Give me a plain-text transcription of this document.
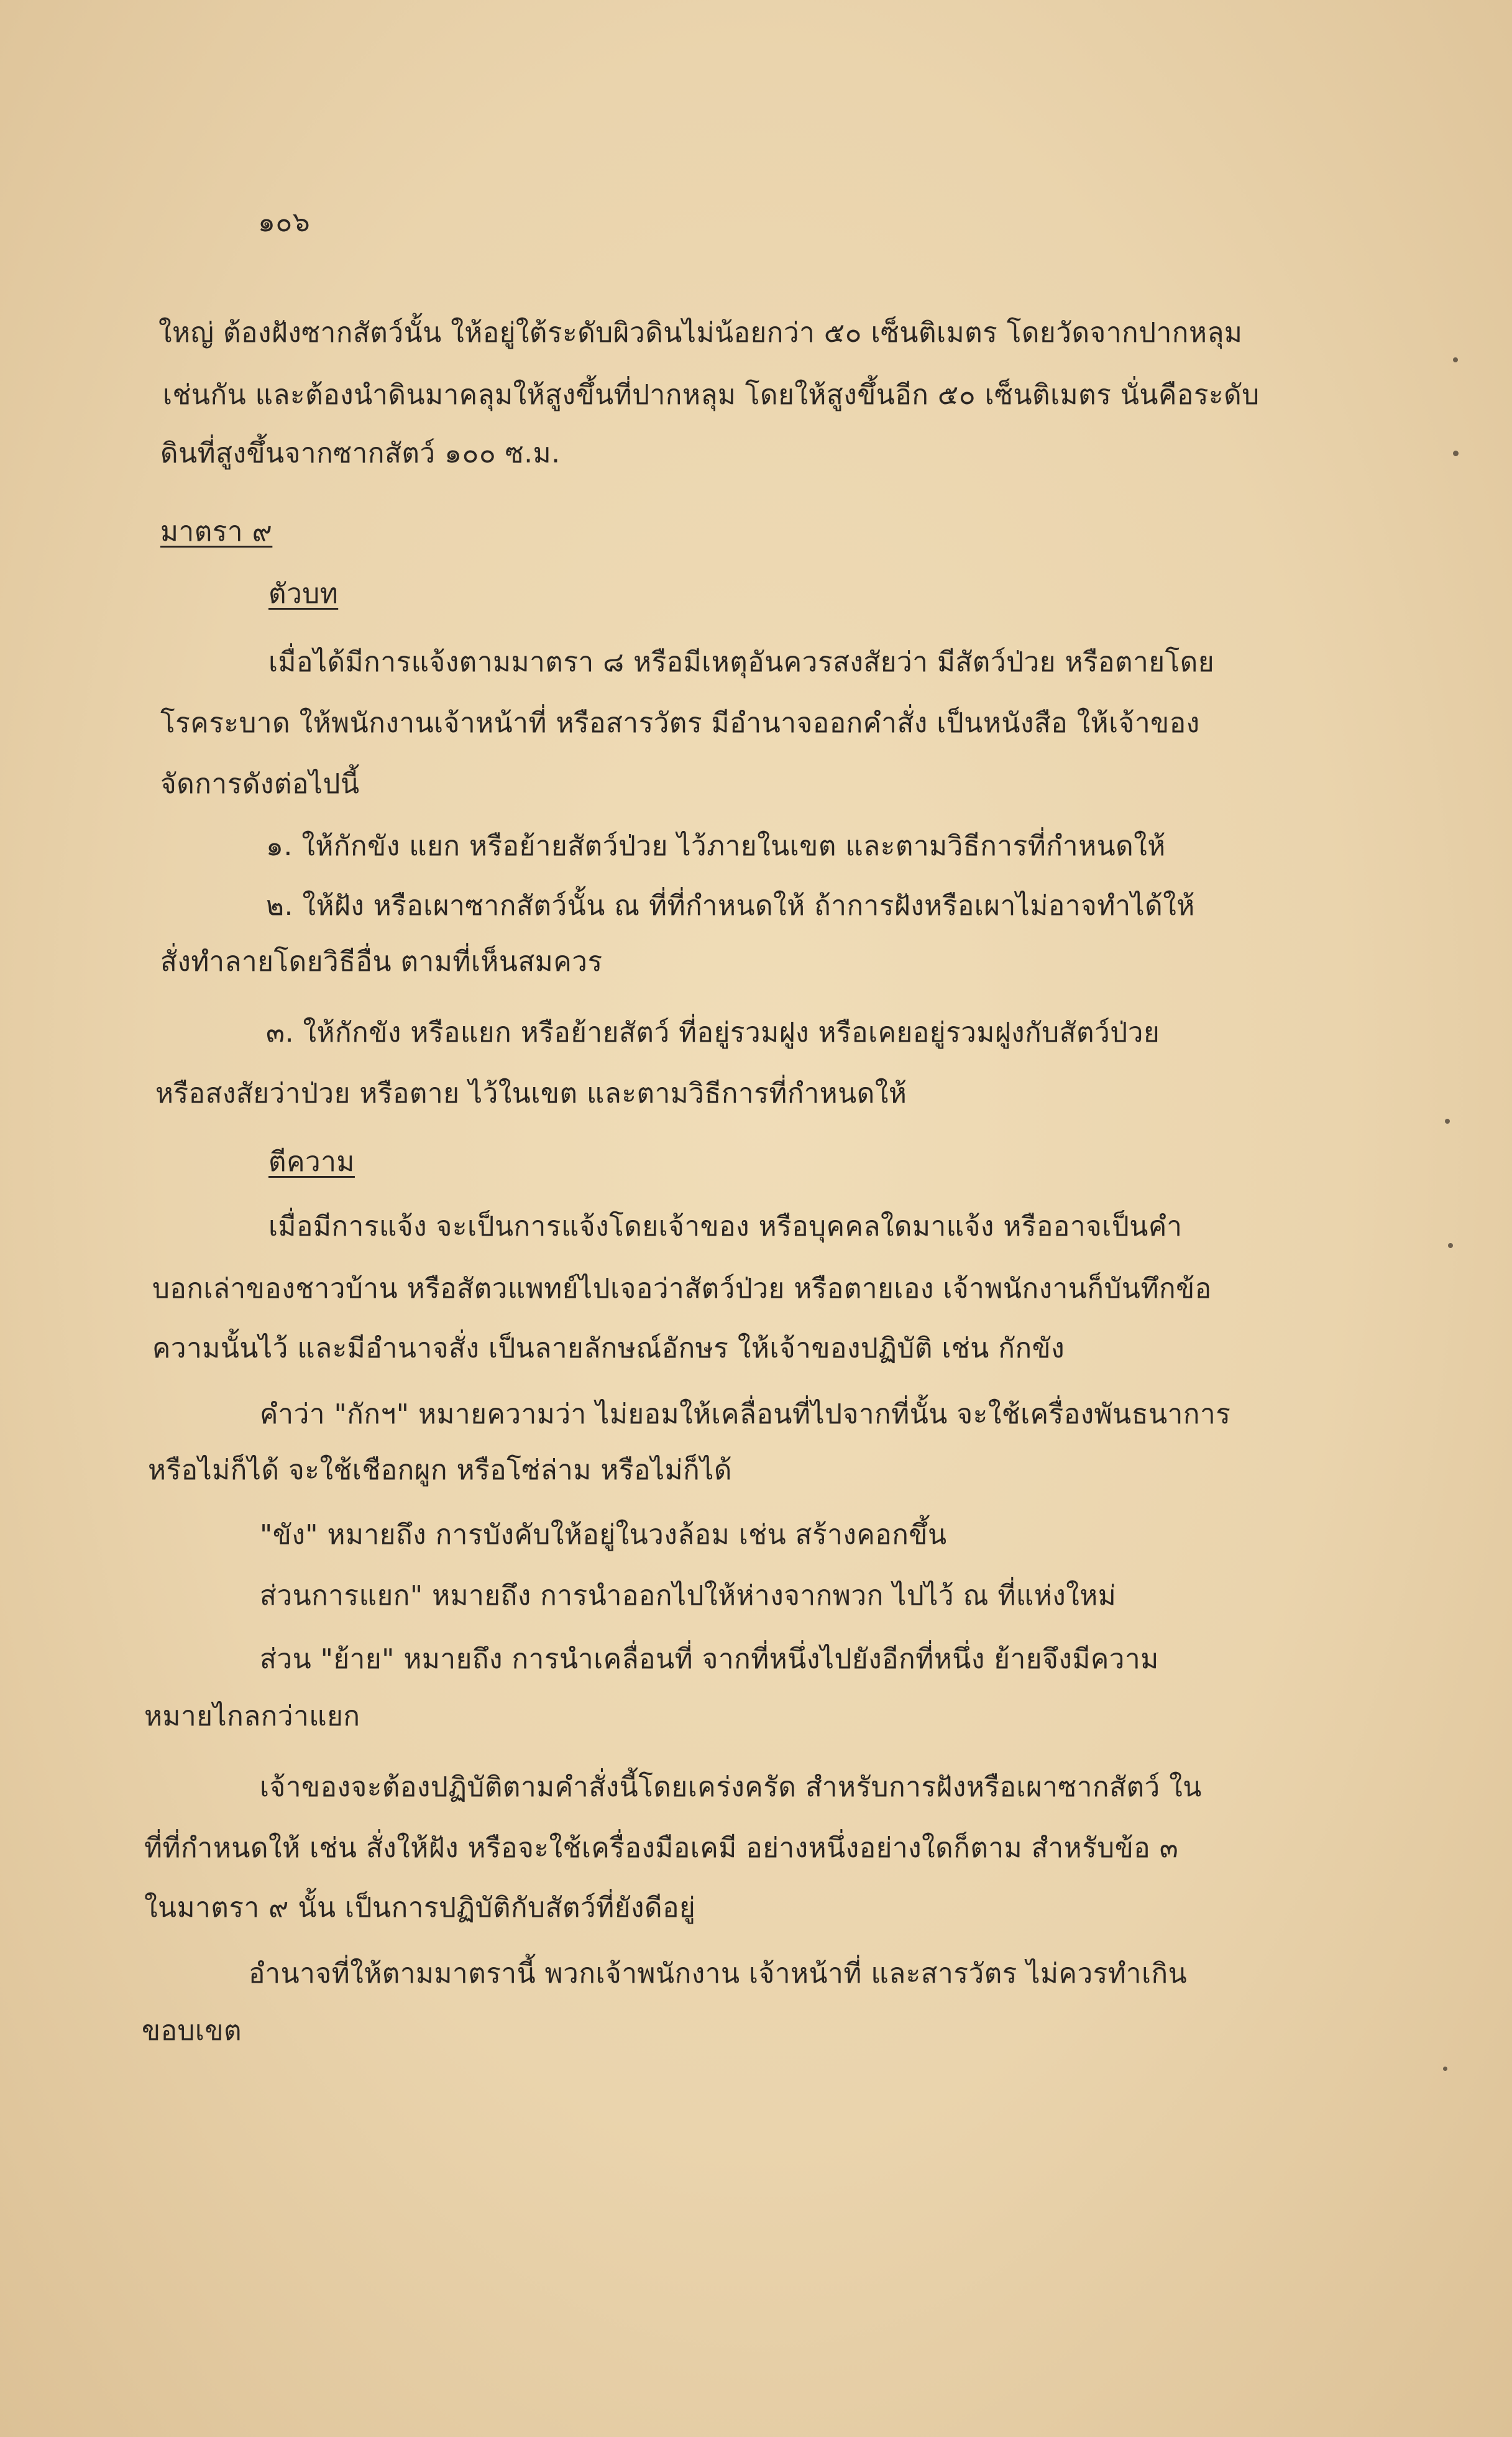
๑๐๖
ใหญ่ ต้องฝังซากสัตว์นั้น ให้อยู่ใต้ระดับผิวดินไม่น้อยกว่า ๕๐ เซ็นติเมตร โดยวัดจากปากหลุม
เช่นกัน และต้องนำดินมาคลุมให้สูงขึ้นที่ปากหลุม โดยให้สูงขึ้นอีก ๕๐ เซ็นติเมตร นั่นคือระดับ
ดินที่สูงขึ้นจากซากสัตว์ ๑๐๐ ซ.ม.
มาตรา ๙
ตัวบท
เมื่อได้มีการแจ้งตามมาตรา ๘ หรือมีเหตุอันควรสงสัยว่า มีสัตว์ป่วย หรือตายโดย
โรคระบาด ให้พนักงานเจ้าหน้าที่ หรือสารวัตร มีอำนาจออกคำสั่ง เป็นหนังสือ ให้เจ้าของ
จัดการดังต่อไปนี้
๑. ให้กักขัง แยก หรือย้ายสัตว์ป่วย ไว้ภายในเขต และตามวิธีการที่กำหนดให้
๒. ให้ฝัง หรือเผาซากสัตว์นั้น ณ ที่ที่กำหนดให้ ถ้าการฝังหรือเผาไม่อาจทำได้ให้
สั่งทำลายโดยวิธีอื่น ตามที่เห็นสมควร
๓. ให้กักขัง หรือแยก หรือย้ายสัตว์ ที่อยู่รวมฝูง หรือเคยอยู่รวมฝูงกับสัตว์ป่วย
หรือสงสัยว่าป่วย หรือตาย ไว้ในเขต และตามวิธีการที่กำหนดให้
ตีความ
เมื่อมีการแจ้ง จะเป็นการแจ้งโดยเจ้าของ หรือบุคคลใดมาแจ้ง หรืออาจเป็นคำ
บอกเล่าของชาวบ้าน หรือสัตวแพทย์ไปเจอว่าสัตว์ป่วย หรือตายเอง เจ้าพนักงานก็บันทึกข้อ
ความนั้นไว้ และมีอำนาจสั่ง เป็นลายลักษณ์อักษร ให้เจ้าของปฏิบัติ เช่น กักขัง
คำว่า "กักฯ" หมายความว่า ไม่ยอมให้เคลื่อนที่ไปจากที่นั้น จะใช้เครื่องพันธนาการ
หรือไม่ก็ได้ จะใช้เชือกผูก หรือโซ่ล่าม หรือไม่ก็ได้
"ขัง" หมายถึง การบังคับให้อยู่ในวงล้อม เช่น สร้างคอกขึ้น
ส่วนการแยก" หมายถึง การนำออกไปให้ห่างจากพวก ไปไว้ ณ ที่แห่งใหม่
ส่วน "ย้าย" หมายถึง การนำเคลื่อนที่ จากที่หนึ่งไปยังอีกที่หนึ่ง ย้ายจึงมีความ
หมายไกลกว่าแยก
เจ้าของจะต้องปฏิบัติตามคำสั่งนี้โดยเคร่งครัด สำหรับการฝังหรือเผาซากสัตว์ ใน
ที่ที่กำหนดให้ เช่น สั่งให้ฝัง หรือจะใช้เครื่องมือเคมี อย่างหนึ่งอย่างใดก็ตาม สำหรับข้อ ๓
ในมาตรา ๙ นั้น เป็นการปฏิบัติกับสัตว์ที่ยังดีอยู่
อำนาจที่ให้ตามมาตรานี้ พวกเจ้าพนักงาน เจ้าหน้าที่ และสารวัตร ไม่ควรทำเกิน
ขอบเขต
